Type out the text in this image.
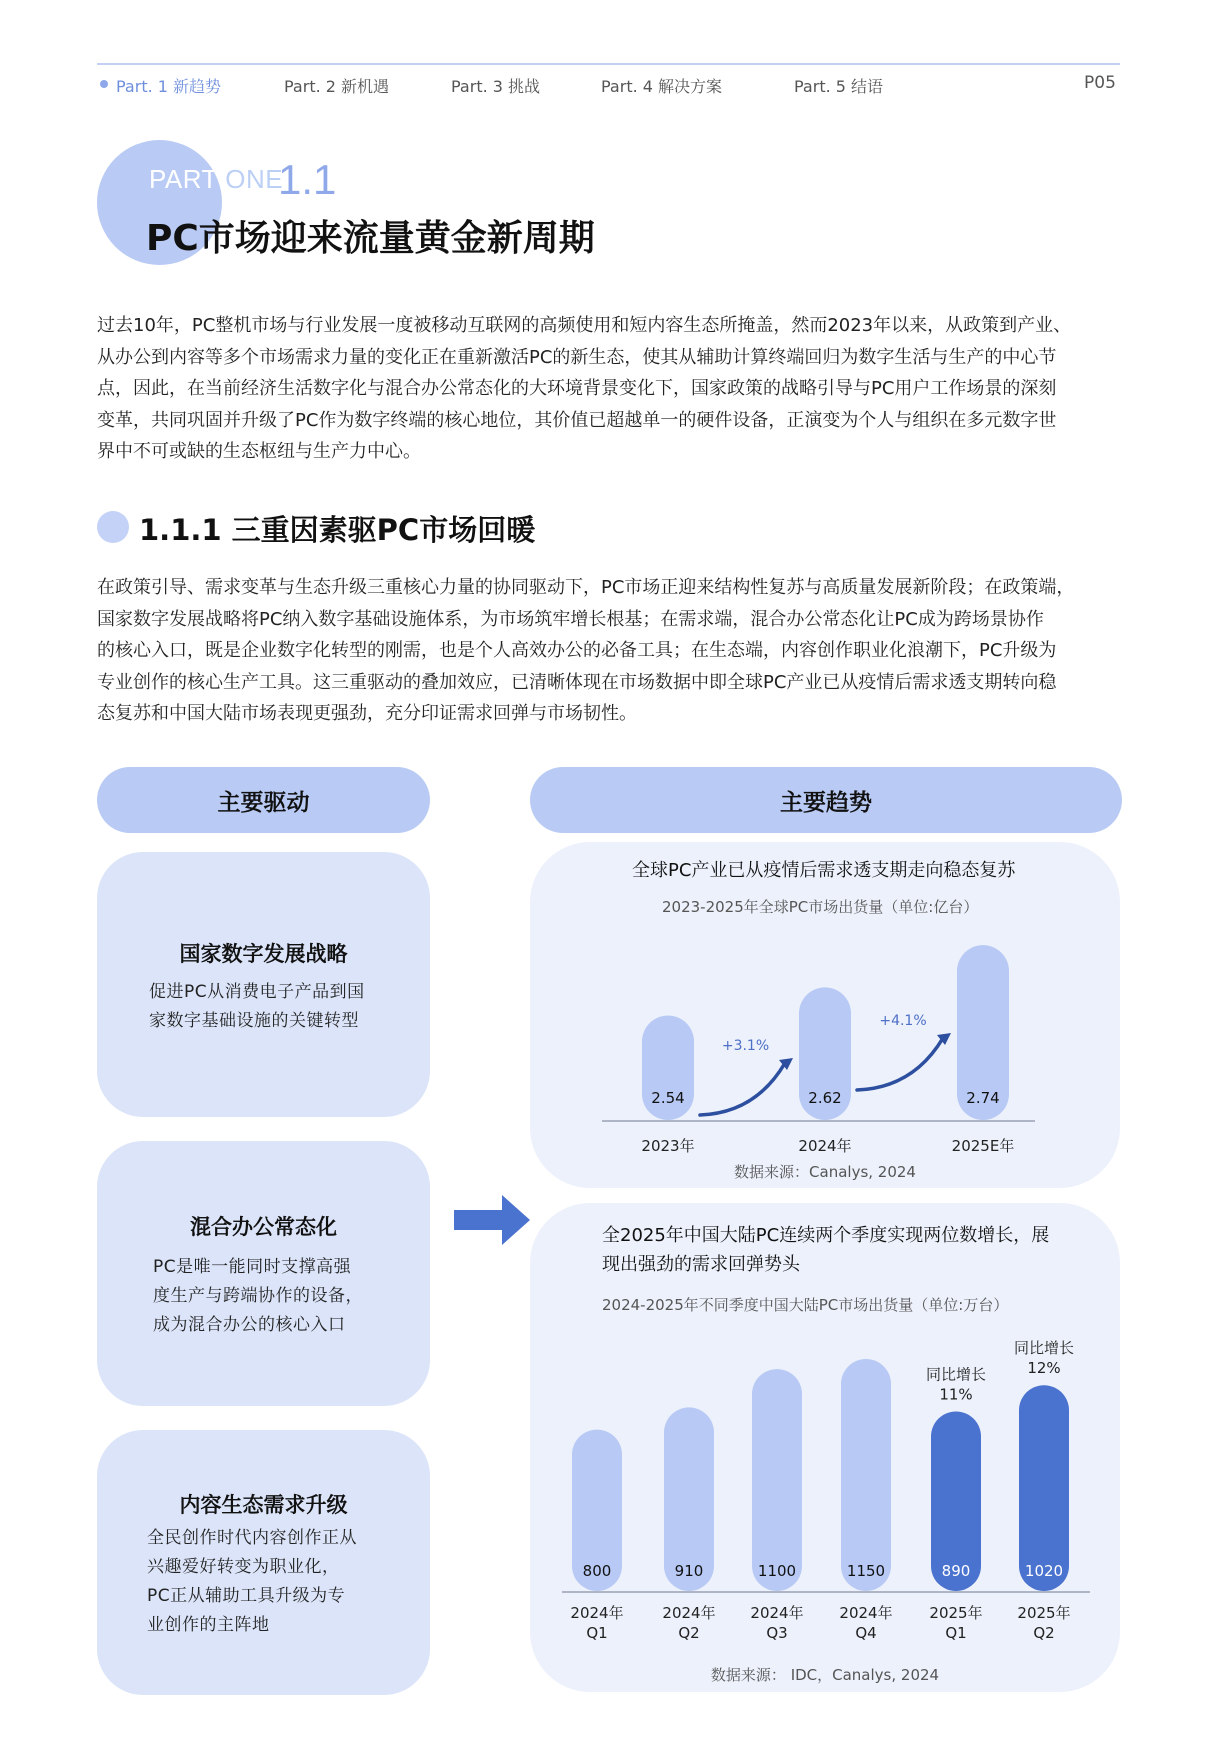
Part. 1 新趋势	Part. 2 新机遇	Part. 3 挑战	Part. 4 解决方案	Part. 5 结语	P05
PART ONE
1.1
PC市场迎来流量黄金新周期
过去10年，PC整机市场与行业发展一度被移动互联网的高频使用和短内容生态所掩盖，然而2023年以来，从政策到产业、
从办公到内容等多个市场需求力量的变化正在重新激活PC的新生态，使其从辅助计算终端回归为数字生活与生产的中心节
点，因此，在当前经济生活数字化与混合办公常态化的大环境背景变化下，国家政策的战略引导与PC用户工作场景的深刻
变革，共同巩固并升级了PC作为数字终端的核心地位，其价值已超越单一的硬件设备，正演变为个人与组织在多元数字世
界中不可或缺的生态枢纽与生产力中心。
1.1.1 三重因素驱PC市场回暖
在政策引导、需求变革与生态升级三重核心力量的协同驱动下，PC市场正迎来结构性复苏与高质量发展新阶段；在政策端，
国家数字发展战略将PC纳入数字基础设施体系，为市场筑牢增长根基；在需求端，混合办公常态化让PC成为跨场景协作
的核心入口，既是企业数字化转型的刚需，也是个人高效办公的必备工具；在生态端，内容创作职业化浪潮下，PC升级为
专业创作的核心生产工具。这三重驱动的叠加效应，已清晰体现在市场数据中即全球PC产业已从疫情后需求透支期转向稳
态复苏和中国大陆市场表现更强劲，充分印证需求回弹与市场韧性。
主要驱动
国家数字发展战略
促进PC从消费电子产品到国
家数字基础设施的关键转型
混合办公常态化
PC是唯一能同时支撑高强
度生产与跨端协作的设备，
成为混合办公的核心入口
内容生态需求升级
全民创作时代内容创作正从
兴趣爱好转变为职业化，
PC正从辅助工具升级为专
业创作的主阵地
主要趋势
全球PC产业已从疫情后需求透支期走向稳态复苏
2023-2025年全球PC市场出货量（单位:亿台）
2.54
2023年
2.62
2024年
2.74
2025E年
+3.1%
+4.1%
数据来源：Canalys, 2024
全2025年中国大陆PC连续两个季度实现两位数增长，展
现出强劲的需求回弹势头
2024-2025年不同季度中国大陆PC市场出货量（单位:万台）
800
2024年
Q1
910
2024年
Q2
1100
2024年
Q3
1150
2024年
Q4
890
2025年
Q1
同比增长
11%
1020
2025年
Q2
同比增长
12%
数据来源： IDC，Canalys, 2024
